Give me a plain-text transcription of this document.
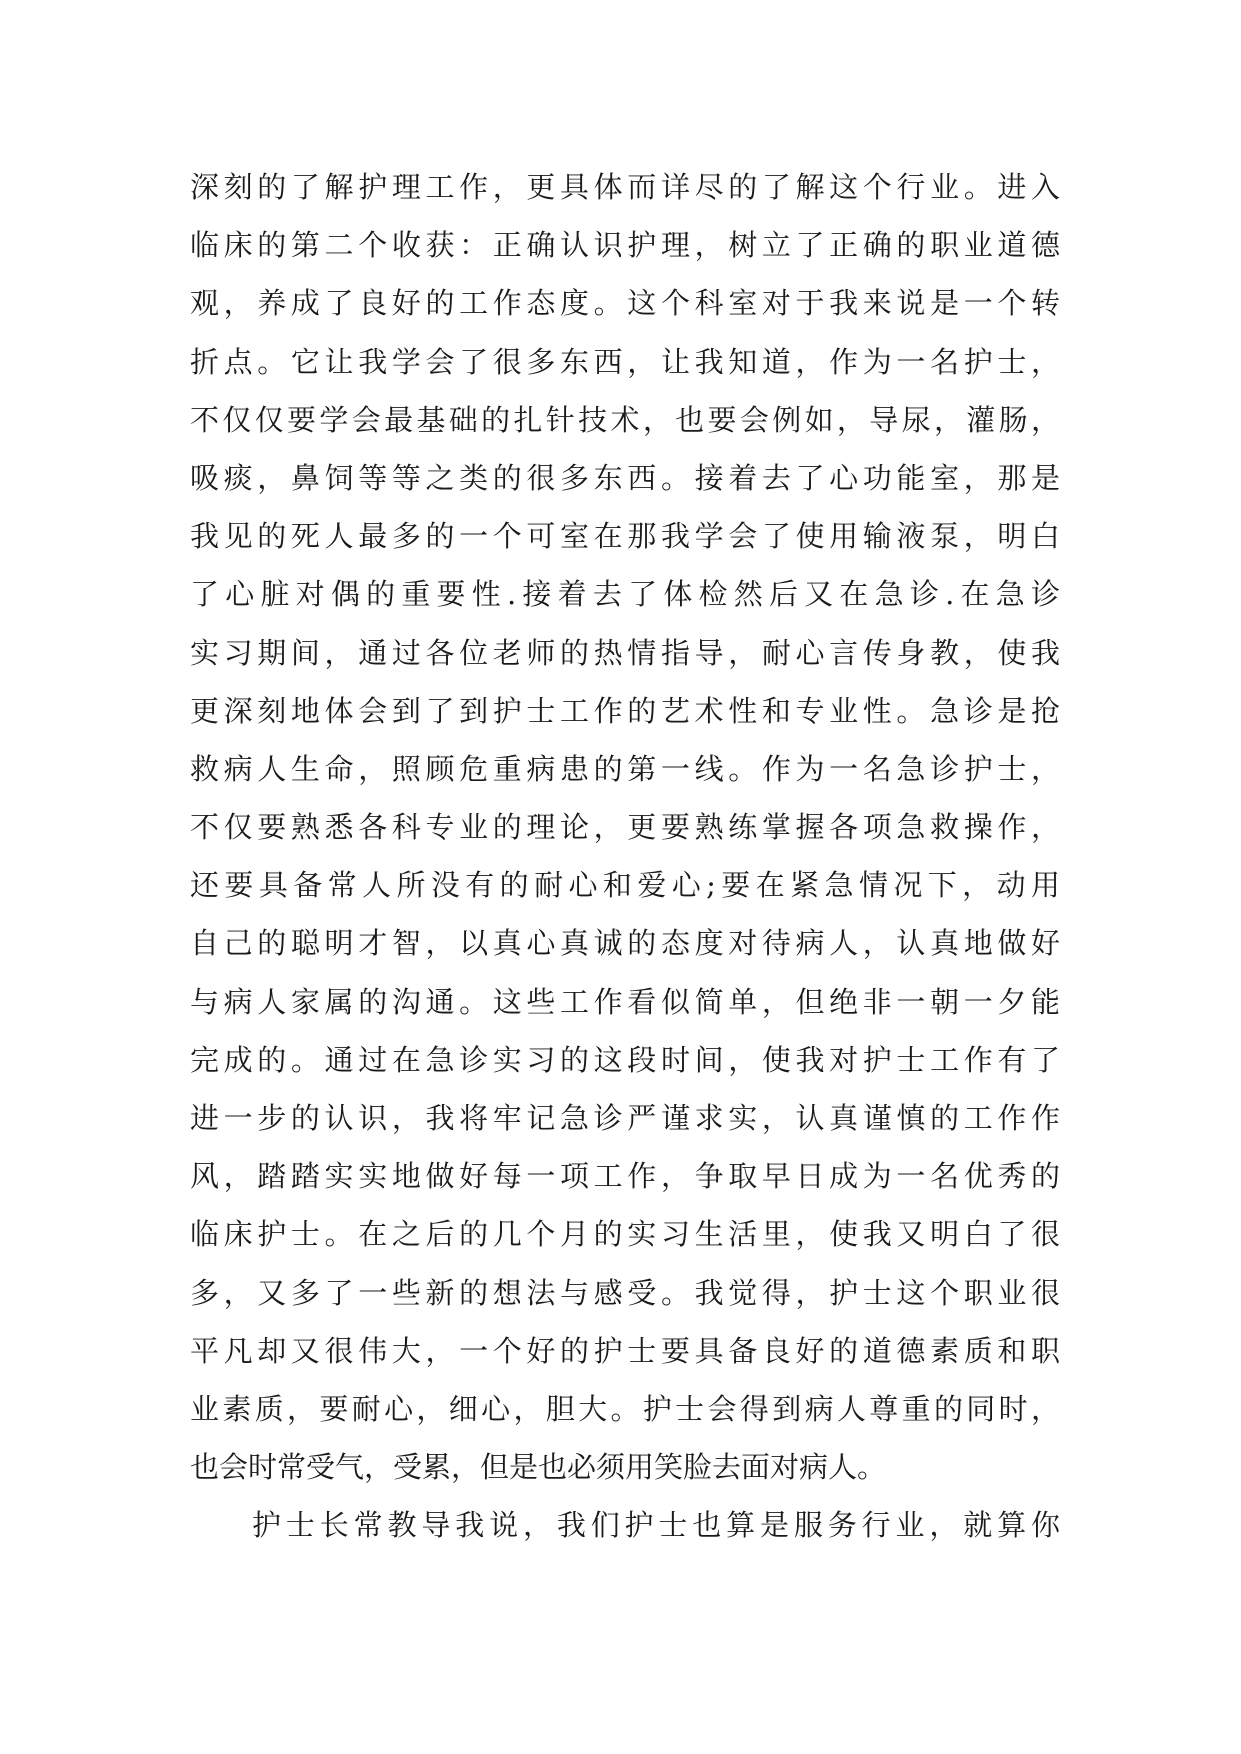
深刻的了解护理工作，更具体而详尽的了解这个行业。进入
临床的第二个收获：正确认识护理，树立了正确的职业道德
观，养成了良好的工作态度。这个科室对于我来说是一个转
折点。它让我学会了很多东西，让我知道，作为一名护士，
不仅仅要学会最基础的扎针技术，也要会例如，导尿，灌肠，
吸痰，鼻饲等等之类的很多东西。接着去了心功能室，那是
我见的死人最多的一个可室在那我学会了使用输液泵，明白
了心脏对偶的重要性.接着去了体检然后又在急诊.在急诊
实习期间，通过各位老师的热情指导，耐心言传身教，使我
更深刻地体会到了到护士工作的艺术性和专业性。急诊是抢
救病人生命，照顾危重病患的第一线。作为一名急诊护士，
不仅要熟悉各科专业的理论，更要熟练掌握各项急救操作，
还要具备常人所没有的耐心和爱心;要在紧急情况下，动用
自己的聪明才智，以真心真诚的态度对待病人，认真地做好
与病人家属的沟通。这些工作看似简单，但绝非一朝一夕能
完成的。通过在急诊实习的这段时间，使我对护士工作有了
进一步的认识，我将牢记急诊严谨求实，认真谨慎的工作作
风，踏踏实实地做好每一项工作，争取早日成为一名优秀的
临床护士。在之后的几个月的实习生活里，使我又明白了很
多，又多了一些新的想法与感受。我觉得，护士这个职业很
平凡却又很伟大，一个好的护士要具备良好的道德素质和职
业素质，要耐心，细心，胆大。护士会得到病人尊重的同时，
也会时常受气，受累，但是也必须用笑脸去面对病人。
护士长常教导我说，我们护士也算是服务行业，就算你
